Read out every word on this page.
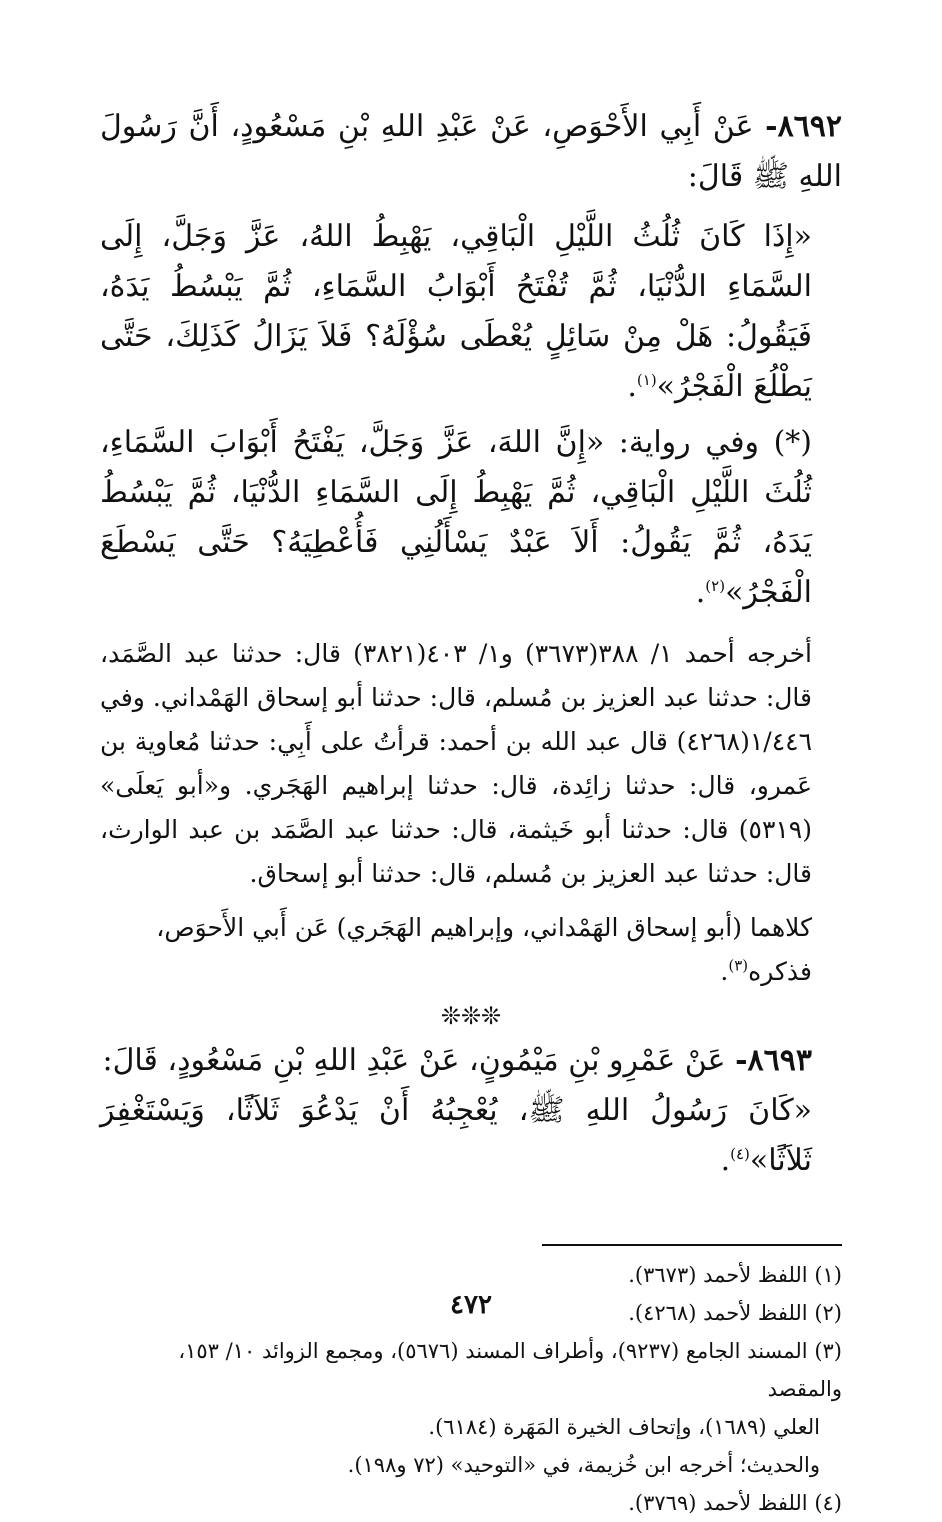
٨٦٩٢- عَنْ أَبِي الأَحْوَصِ، عَنْ عَبْدِ اللهِ بْنِ مَسْعُودٍ، أَنَّ رَسُولَ اللهِ ﷺ قَالَ:

«إِذَا كَانَ ثُلُثُ اللَّيْلِ الْبَاقِي، يَهْبِطُ اللهُ، عَزَّ وَجَلَّ، إِلَى السَّمَاءِ الدُّنْيَا، ثُمَّ تُفْتَحُ أَبْوَابُ السَّمَاءِ، ثُمَّ يَبْسُطُ يَدَهُ، فَيَقُولُ: هَلْ مِنْ سَائِلٍ يُعْطَى سُؤْلَهُ؟ فَلاَ يَزَالُ كَذَلِكَ، حَتَّى يَطْلُعَ الْفَجْرُ»$^{(١)}$.

(*) وفي رواية: «إِنَّ اللهَ، عَزَّ وَجَلَّ، يَفْتَحُ أَبْوَابَ السَّمَاءِ، ثُلُثَ اللَّيْلِ الْبَاقِي، ثُمَّ يَهْبِطُ إِلَى السَّمَاءِ الدُّنْيَا، ثُمَّ يَبْسُطُ يَدَهُ، ثُمَّ يَقُولُ: أَلاَ عَبْدٌ يَسْأَلُنِي فَأُعْطِيَهُ؟ حَتَّى يَسْطَعَ الْفَجْرُ»$^{(٢)}$.

أخرجه أحمد ١/ ٣٨٨(٣٦٧٣) و١/ ٤٠٣(٣٨٢١) قال: حدثنا عبد الصَّمَد، قال: حدثنا عبد العزيز بن مُسلم، قال: حدثنا أبو إسحاق الهَمْداني. وفي ١/٤٤٦(٤٢٦٨) قال عبد الله بن أحمد: قرأتُ على أَبِي: حدثنا مُعاوية بن عَمرو، قال: حدثنا زائِدة، قال: حدثنا إبراهيم الهَجَري. و«أبو يَعلَى» (٥٣١٩) قال: حدثنا أبو خَيثمة، قال: حدثنا عبد الصَّمَد بن عبد الوارث، قال: حدثنا عبد العزيز بن مُسلم، قال: حدثنا أبو إسحاق.

كلاهما (أبو إسحاق الهَمْداني، وإبراهيم الهَجَري) عَن أَبي الأَحوَص، فذكره$^{(٣)}$.

❊❊❊

٨٦٩٣- عَنْ عَمْرِو بْنِ مَيْمُونٍ، عَنْ عَبْدِ اللهِ بْنِ مَسْعُودٍ، قَالَ:

«كَانَ رَسُولُ اللهِ ﷺ، يُعْجِبُهُ أَنْ يَدْعُوَ ثَلاَثًا، وَيَسْتَغْفِرَ ثَلاَثًا»$^{(٤)}$.

(١) اللفظ لأحمد (٣٦٧٣).

(٢) اللفظ لأحمد (٤٢٦٨).

(٣) المسند الجامع (٩٢٣٧)، وأطراف المسند (٥٦٧٦)، ومجمع الزوائد ١٠/ ١٥٣، والمقصد

العلي (١٦٨٩)، وإتحاف الخيرة المَهَرة (٦١٨٤).

والحديث؛ أخرجه ابن خُزيمة، في «التوحيد» (٧٢ و١٩٨).

(٤) اللفظ لأحمد (٣٧٦٩).

٤٧٢
